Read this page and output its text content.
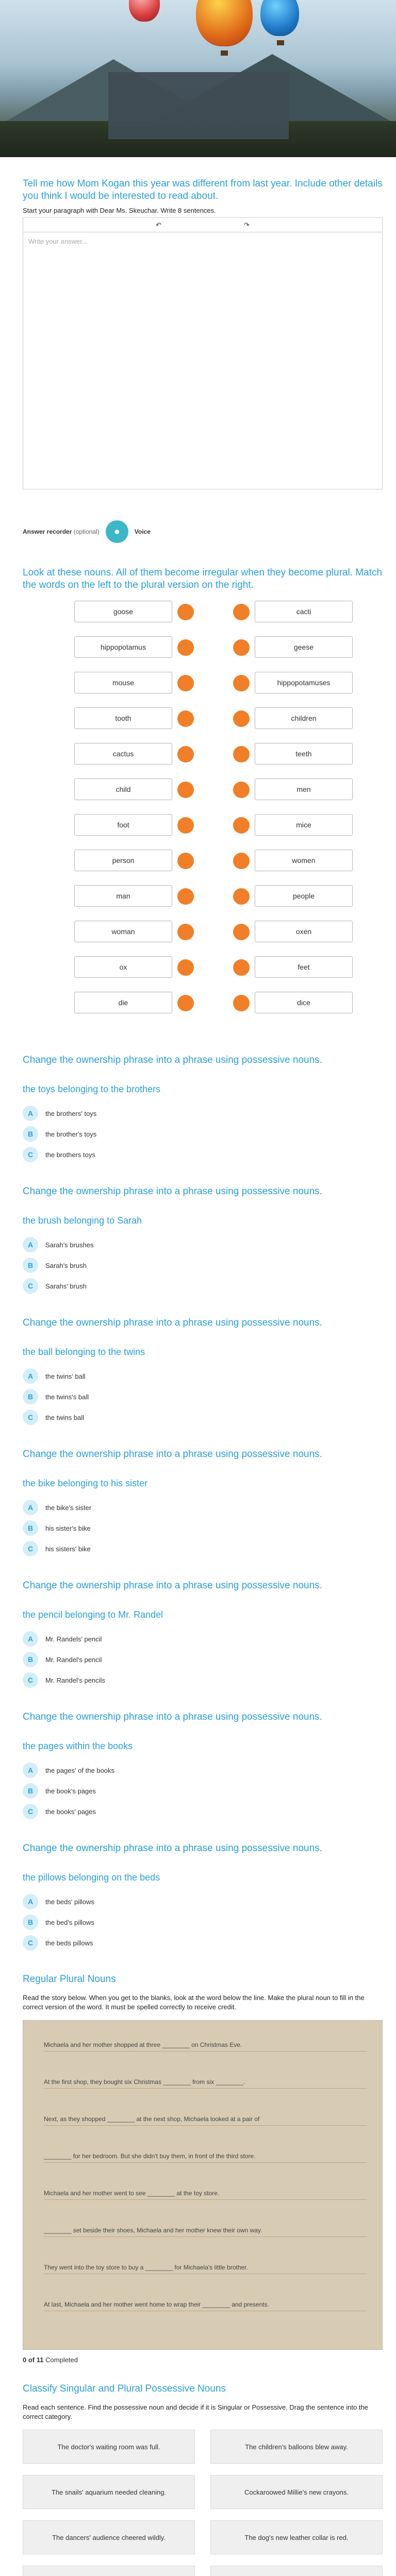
Tell me how Mom Kogan this year was different from last year. Include other details you think I would be interested to read about.
Start your paragraph with Dear Ms. Skeuchar. Write 8 sentences.
↶	↷
Write your answer...
Answer recorder (optional)	●	Voice
Look at these nouns. All of them become irregular when they become plural. Match the words on the left to the plural version on the right.
goose	cacti
hippopotamus	geese
mouse	hippopotamuses
tooth	children
cactus	teeth
child	men
foot	mice
person	women
man	people
woman	oxen
ox	feet
die	dice
Change the ownership phrase into a phrase using possessive nouns.
the toys belonging to the brothers
A	the brothers' toys
B	the brother's toys
C	the brothers toys
Change the ownership phrase into a phrase using possessive nouns.
the brush belonging to Sarah
A	Sarah's brushes
B	Sarah's brush
C	Sarahs' brush
Change the ownership phrase into a phrase using possessive nouns.
the ball belonging to the twins
A	the twins' ball
B	the twins's ball
C	the twins ball
Change the ownership phrase into a phrase using possessive nouns.
the bike belonging to his sister
A	the bike's sister
B	his sister's bike
C	his sisters' bike
Change the ownership phrase into a phrase using possessive nouns.
the pencil belonging to Mr. Randel
A	Mr. Randels' pencil
B	Mr. Randel's pencil
C	Mr. Randel's pencils
Change the ownership phrase into a phrase using possessive nouns.
the pages within the books
A	the pages' of the books
B	the book's pages
C	the books' pages
Change the ownership phrase into a phrase using possessive nouns.
the pillows belonging on the beds
A	the beds' pillows
B	the bed's pillows
C	the beds pillows
Regular Plural Nouns
Read the story below. When you get to the blanks, look at the word below the line. Make the plural noun to fill in the correct version of the word. It must be spelled correctly to receive credit.
Michaela and her mother shopped at three ________ on Christmas Eve.
At the first shop, they bought six Christmas ________ from six ________.
Next, as they shopped ________ at the next shop, Michaela looked at a pair of
________ for her bedroom. But she didn't buy them, in front of the third store.
Michaela and her mother went to see ________ at the toy store.
________ set beside their shoes, Michaela and her mother knew their own way.
They went into the toy store to buy a ________ for Michaela's little brother.
At last, Michaela and her mother went home to wrap their ________ and presents.
0 of 11 Completed
Classify Singular and Plural Possessive Nouns
Read each sentence. Find the possessive noun and decide if it is Singular or Possessive. Drag the sentence into the correct category.
The doctor's waiting room was full.	The children's balloons blew away.
The snails' aquarium needed cleaning.	Cockaroowed Millie's new crayons.
The dancers' audience cheered wildly.	The dog's new leather collar is red.
